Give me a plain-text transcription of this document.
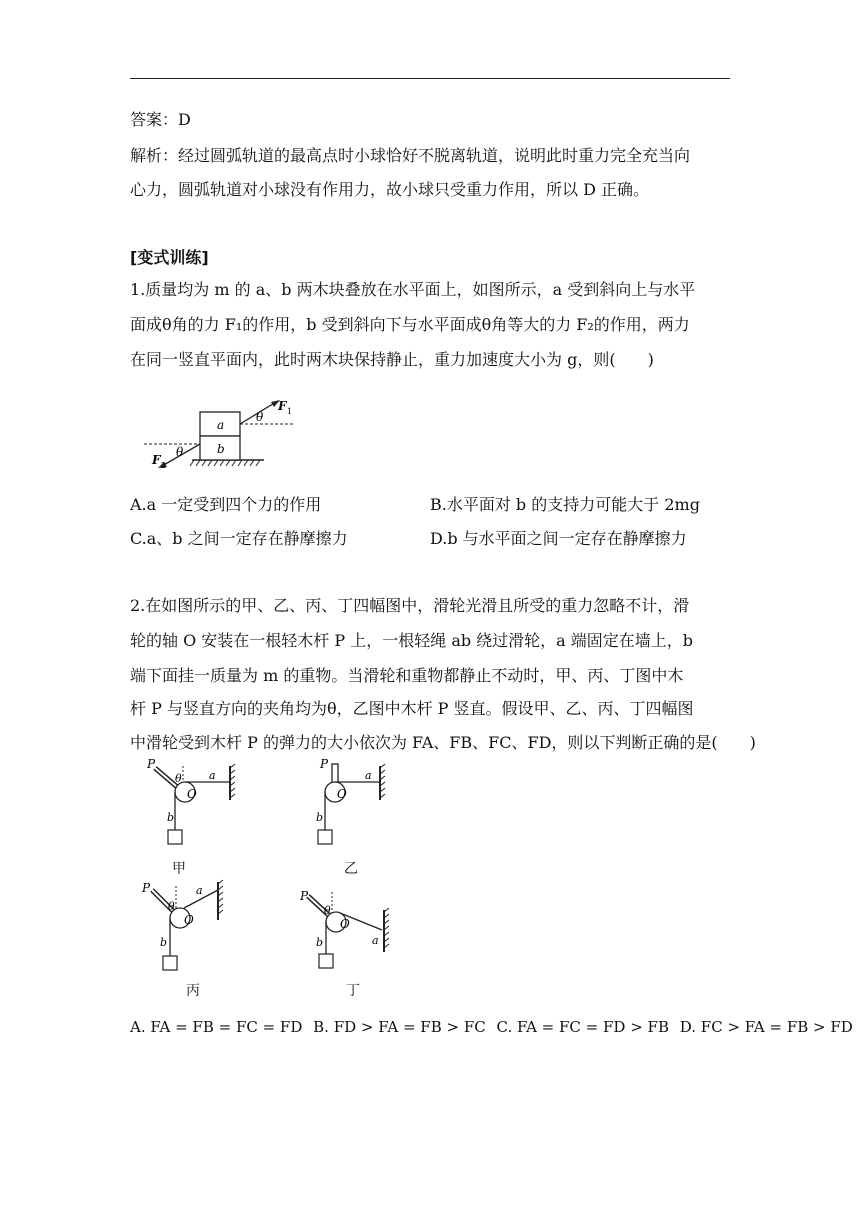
答案：D
解析：经过圆弧轨道的最高点时小球恰好不脱离轨道，说明此时重力完全充当向
心力，圆弧轨道对小球没有作用力，故小球只受重力作用，所以 D 正确。
[变式训练]
1.质量均为 m 的 a、b 两木块叠放在水平面上，如图所示，a 受到斜向上与水平
面成θ角的力 F₁的作用，b 受到斜向下与水平面成θ角等大的力 F₂的作用，两力
在同一竖直平面内，此时两木块保持静止，重力加速度大小为 g，则(　　)
a
b
θ
F 1
θ
F 2
A.a 一定受到四个力的作用	B.水平面对 b 的支持力可能大于 2mg
C.a、b 之间一定存在静摩擦力	D.b 与水平面之间一定存在静摩擦力
2.在如图所示的甲、乙、丙、丁四幅图中，滑轮光滑且所受的重力忽略不计，滑
轮的轴 O 安装在一根轻木杆 P 上，一根轻绳 ab 绕过滑轮，a 端固定在墙上，b
端下面挂一质量为 m 的重物。当滑轮和重物都静止不动时，甲、丙、丁图中木
杆 P 与竖直方向的夹角均为θ，乙图中木杆 P 竖直。假设甲、乙、丙、丁四幅图
中滑轮受到木杆 P 的弹力的大小依次为 FA、FB、FC、FD，则以下判断正确的是(　　)
P
θ
O
a
b
甲
P
O
a
b
乙
P
θ
O
a
b
丙
P
θ
O
a
b
丁
A. FA = FB = FC = FD B. FD > FA = FB > FC C. FA = FC = FD > FB D. FC > FA = FB > FD
